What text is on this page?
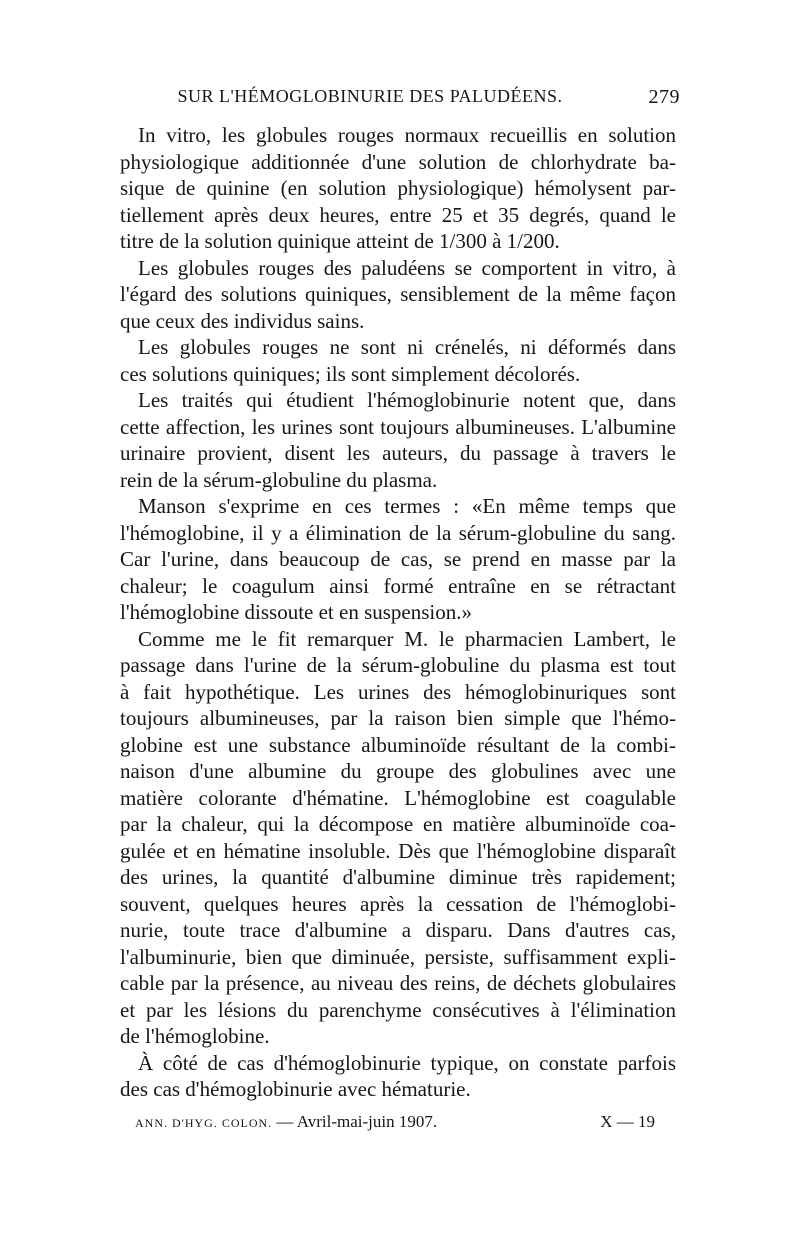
SUR L'HÉMOGLOBINURIE DES PALUDÉENS.	279
In vitro, les globules rouges normaux recueillis en solution
physiologique additionnée d'une solution de chlorhydrate ba-
sique de quinine (en solution physiologique) hémolysent par-
tiellement après deux heures, entre 25 et 35 degrés, quand le
titre de la solution quinique atteint de 1/300 à 1/200.
Les globules rouges des paludéens se comportent in vitro, à
l'égard des solutions quiniques, sensiblement de la même façon
que ceux des individus sains.
Les globules rouges ne sont ni crénelés, ni déformés dans
ces solutions quiniques; ils sont simplement décolorés.
Les traités qui étudient l'hémoglobinurie notent que, dans
cette affection, les urines sont toujours albumineuses. L'albumine
urinaire provient, disent les auteurs, du passage à travers le
rein de la sérum-globuline du plasma.
Manson s'exprime en ces termes : «En même temps que
l'hémoglobine, il y a élimination de la sérum-globuline du sang.
Car l'urine, dans beaucoup de cas, se prend en masse par la
chaleur; le coagulum ainsi formé entraîne en se rétractant
l'hémoglobine dissoute et en suspension.»
Comme me le fit remarquer M. le pharmacien Lambert, le
passage dans l'urine de la sérum-globuline du plasma est tout
à fait hypothétique. Les urines des hémoglobinuriques sont
toujours albumineuses, par la raison bien simple que l'hémo-
globine est une substance albuminoïde résultant de la combi-
naison d'une albumine du groupe des globulines avec une
matière colorante d'hématine. L'hémoglobine est coagulable
par la chaleur, qui la décompose en matière albuminoïde coa-
gulée et en hématine insoluble. Dès que l'hémoglobine disparaît
des urines, la quantité d'albumine diminue très rapidement;
souvent, quelques heures après la cessation de l'hémoglobi-
nurie, toute trace d'albumine a disparu. Dans d'autres cas,
l'albuminurie, bien que diminuée, persiste, suffisamment expli-
cable par la présence, au niveau des reins, de déchets globulaires
et par les lésions du parenchyme consécutives à l'élimination
de l'hémoglobine.
À côté de cas d'hémoglobinurie typique, on constate parfois
des cas d'hémoglobinurie avec hématurie.
ANN. D'HYG. COLON. — Avril-mai-juin 1907.	X — 19
